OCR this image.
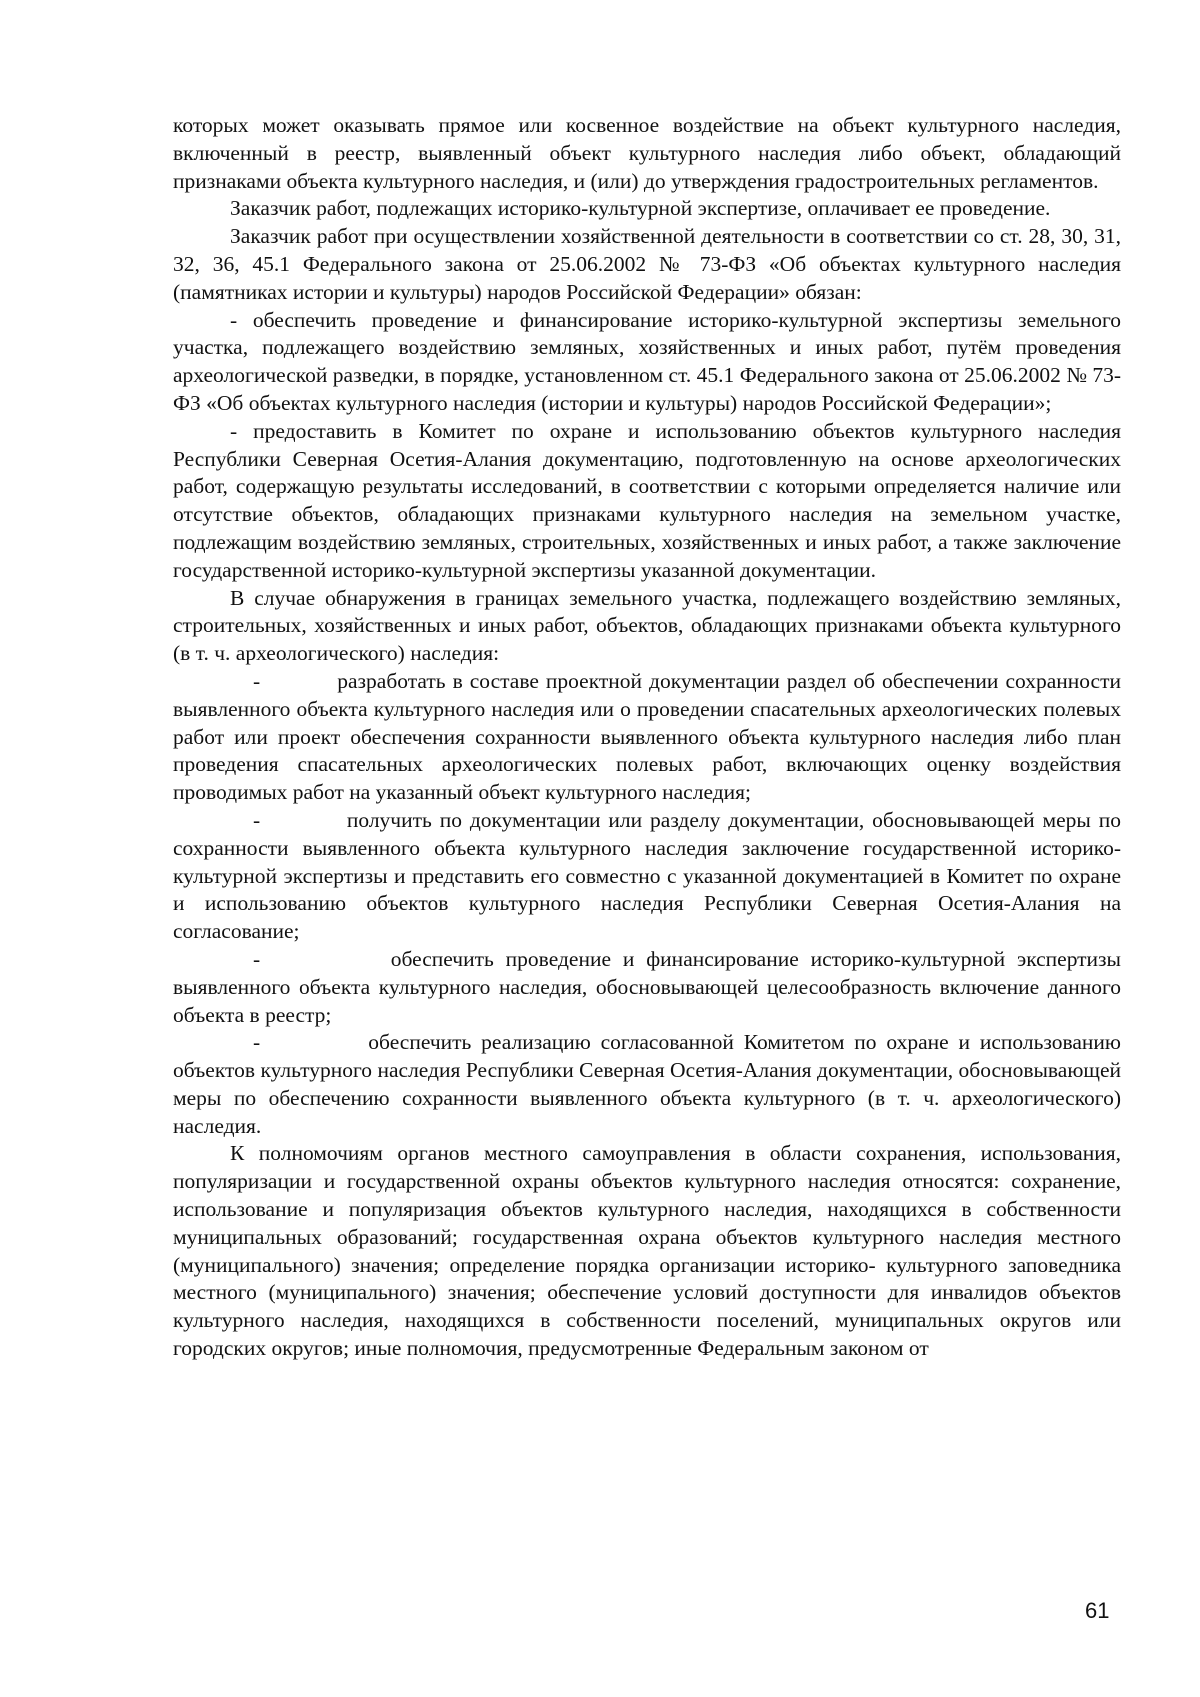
которых может оказывать прямое или косвенное воздействие на объект культурного наследия, включенный в реестр, выявленный объект культурного наследия либо объект, обладающий признаками объекта культурного наследия, и (или) до утверждения градостроительных регламентов.

Заказчик работ, подлежащих историко-культурной экспертизе, оплачивает ее проведение.

Заказчик работ при осуществлении хозяйственной деятельности в соответствии со ст. 28, 30, 31, 32, 36, 45.1 Федерального закона от 25.06.2002 № 73-ФЗ «Об объектах культурного наследия (памятниках истории и культуры) народов Российской Федерации» обязан:

- обеспечить проведение и финансирование историко-культурной экспертизы земельного участка, подлежащего воздействию земляных, хозяйственных и иных работ, путём проведения археологической разведки, в порядке, установленном ст. 45.1 Федерального закона от 25.06.2002 № 73-ФЗ «Об объектах культурного наследия (истории и культуры) народов Российской Федерации»;

- предоставить в Комитет по охране и использованию объектов культурного наследия Республики Северная Осетия-Алания документацию, подготовленную на основе археологических работ, содержащую результаты исследований, в соответствии с которыми определяется наличие или отсутствие объектов, обладающих признаками культурного наследия на земельном участке, подлежащим воздействию земляных, строительных, хозяйственных и иных работ, а также заключение государственной историко-культурной экспертизы указанной документации.

В случае обнаружения в границах земельного участка, подлежащего воздействию земляных, строительных, хозяйственных и иных работ, объектов, обладающих признаками объекта культурного (в т. ч. археологического) наследия:

-           разработать в составе проектной документации раздел об обеспечении сохранности выявленного объекта культурного наследия или о проведении спасательных археологических полевых работ или проект обеспечения сохранности выявленного объекта культурного наследия либо план проведения спасательных археологических полевых работ, включающих оценку воздействия проводимых работ на указанный объект культурного наследия;

-           получить по документации или разделу документации, обосновывающей меры по сохранности выявленного объекта культурного наследия заключение государственной историко-культурной экспертизы и представить его совместно с указанной документацией в Комитет по охране и использованию объектов культурного наследия Республики Северная Осетия-Алания на согласование;

-           обеспечить проведение и финансирование историко-культурной экспертизы выявленного объекта культурного наследия, обосновывающей целесообразность включение данного объекта в реестр;

-           обеспечить реализацию согласованной Комитетом по охране и использованию объектов культурного наследия Республики Северная Осетия-Алания документации, обосновывающей меры по обеспечению сохранности выявленного объекта культурного (в т. ч. археологического) наследия.

К полномочиям органов местного самоуправления в области сохранения, использования, популяризации и государственной охраны объектов культурного наследия относятся: сохранение, использование и популяризация объектов культурного наследия, находящихся в собственности муниципальных образований; государственная охрана объектов культурного наследия местного (муниципального) значения; определение порядка организации историко- культурного заповедника местного (муниципального) значения; обеспечение условий доступности для инвалидов объектов культурного наследия, находящихся в собственности поселений, муниципальных округов или городских округов; иные полномочия, предусмотренные Федеральным законом от

61
